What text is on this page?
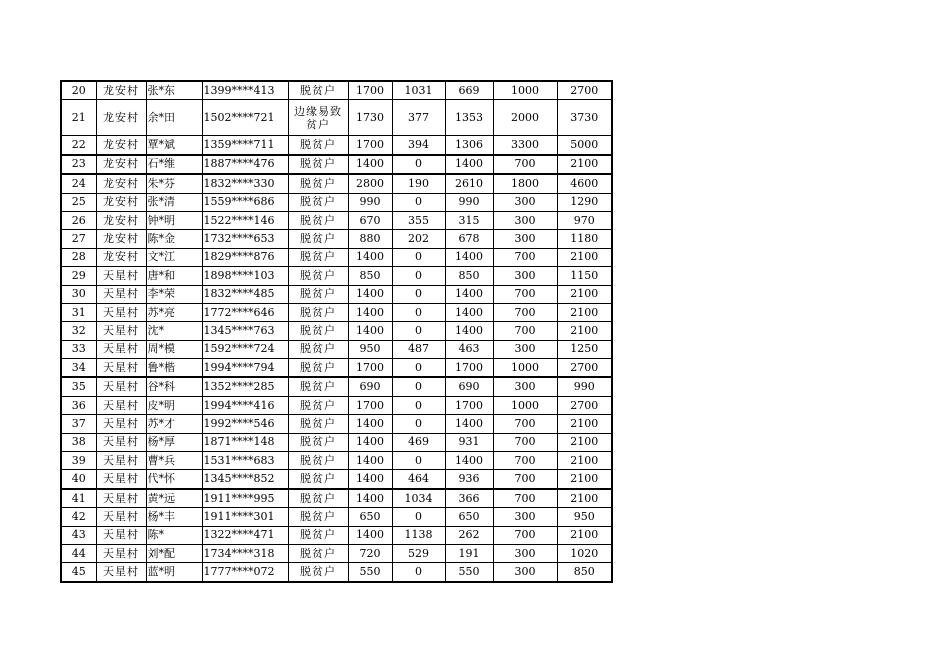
20	龙安村	张*东	1399****413	脱贫户	1700	1031	669	1000	2700
21	龙安村	余*田	1502****721	边缘易致贫户	1730	377	1353	2000	3730
22	龙安村	覃*斌	1359****711	脱贫户	1700	394	1306	3300	5000
23	龙安村	石*维	1887****476	脱贫户	1400	0	1400	700	2100
24	龙安村	朱*芬	1832****330	脱贫户	2800	190	2610	1800	4600
25	龙安村	张*清	1559****686	脱贫户	990	0	990	300	1290
26	龙安村	钟*明	1522****146	脱贫户	670	355	315	300	970
27	龙安村	陈*金	1732****653	脱贫户	880	202	678	300	1180
28	龙安村	文*江	1829****876	脱贫户	1400	0	1400	700	2100
29	天星村	唐*和	1898****103	脱贫户	850	0	850	300	1150
30	天星村	李*荣	1832****485	脱贫户	1400	0	1400	700	2100
31	天星村	苏*亮	1772****646	脱贫户	1400	0	1400	700	2100
32	天星村	沈*	1345****763	脱贫户	1400	0	1400	700	2100
33	天星村	周*模	1592****724	脱贫户	950	487	463	300	1250
34	天星村	鲁*楷	1994****794	脱贫户	1700	0	1700	1000	2700
35	天星村	谷*科	1352****285	脱贫户	690	0	690	300	990
36	天星村	皮*明	1994****416	脱贫户	1700	0	1700	1000	2700
37	天星村	苏*才	1992****546	脱贫户	1400	0	1400	700	2100
38	天星村	杨*厚	1871****148	脱贫户	1400	469	931	700	2100
39	天星村	曹*兵	1531****683	脱贫户	1400	0	1400	700	2100
40	天星村	代*怀	1345****852	脱贫户	1400	464	936	700	2100
41	天星村	黄*远	1911****995	脱贫户	1400	1034	366	700	2100
42	天星村	杨*丰	1911****301	脱贫户	650	0	650	300	950
43	天星村	陈*	1322****471	脱贫户	1400	1138	262	700	2100
44	天星村	刘*配	1734****318	脱贫户	720	529	191	300	1020
45	天星村	蓝*明	1777****072	脱贫户	550	0	550	300	850
